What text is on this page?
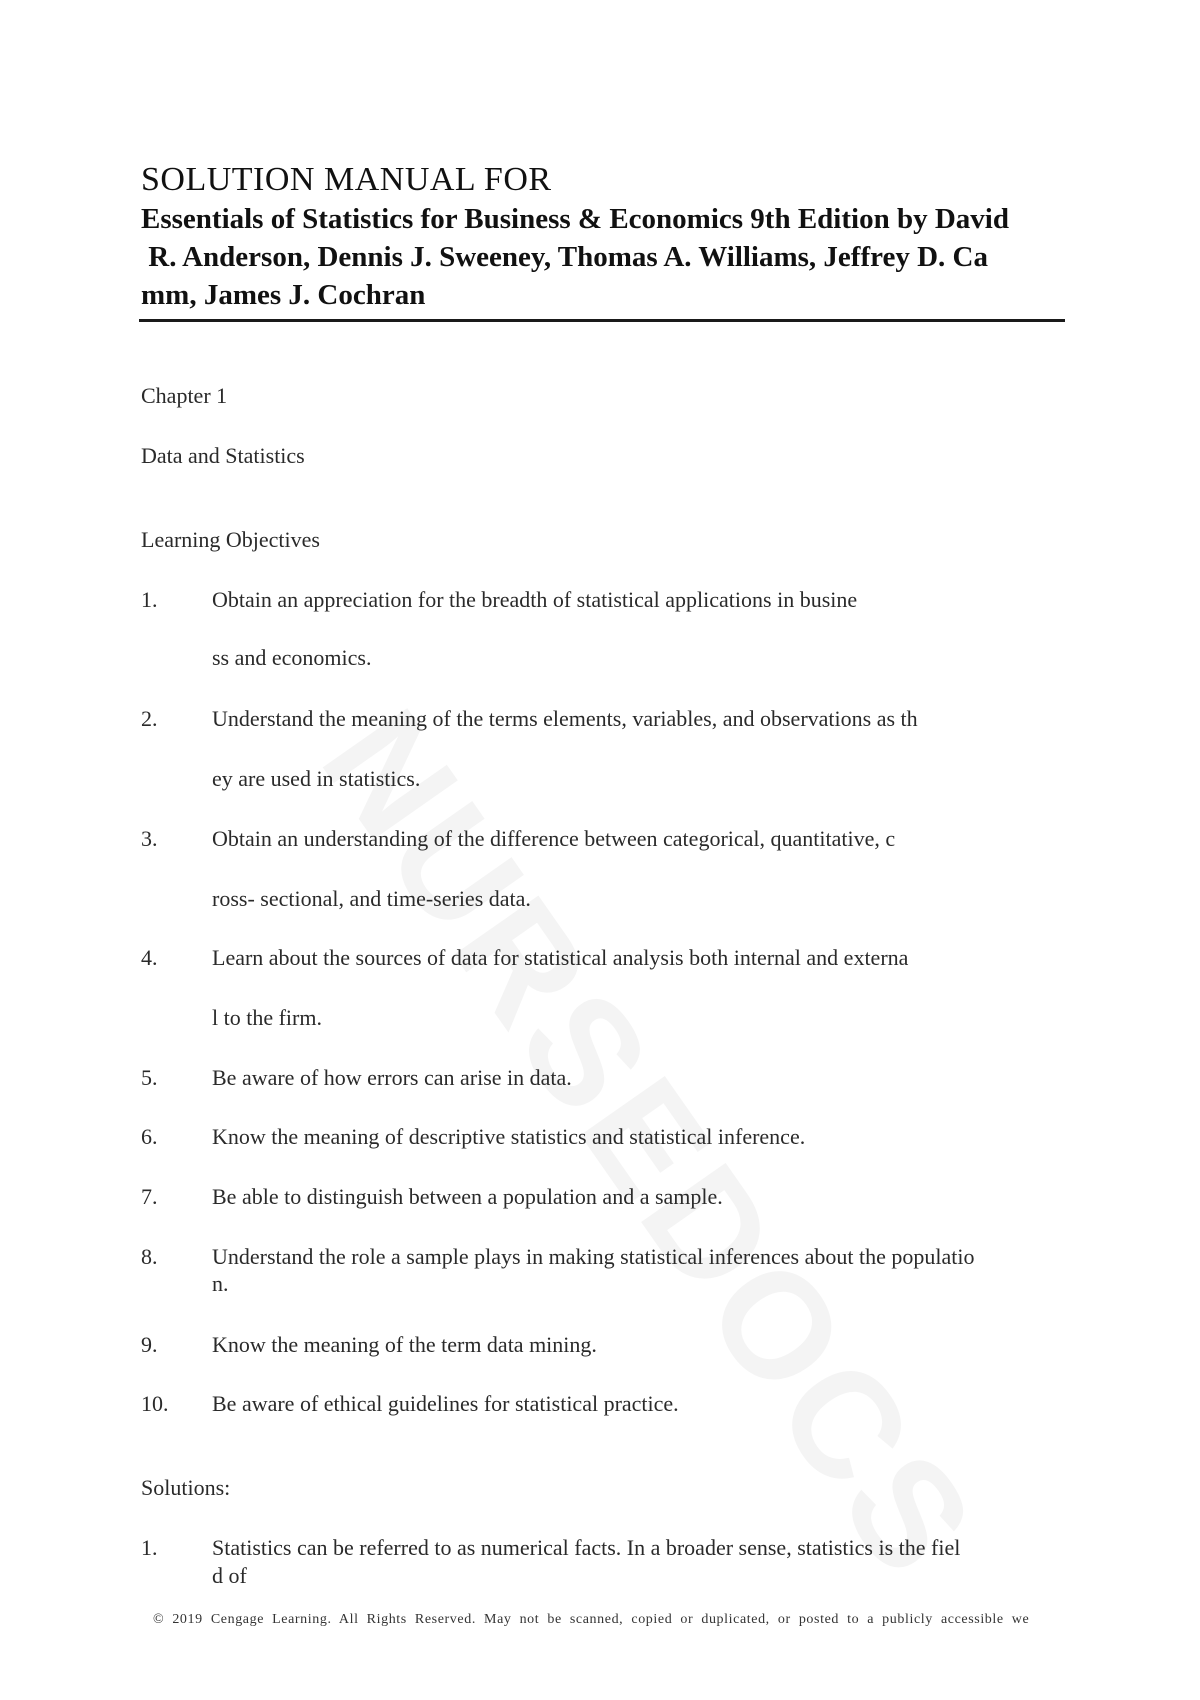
SOLUTION MANUAL FOR
Essentials of Statistics for Business & Economics 9th Edition by David
R. Anderson, Dennis J. Sweeney, Thomas A. Williams, Jeffrey D. Ca
mm, James J. Cochran
Chapter 1
Data and Statistics
Learning Objectives
1. Obtain an appreciation for the breadth of statistical applications in busine
ss and economics.
2. Understand the meaning of the terms elements, variables, and observations as th
ey are used in statistics.
3. Obtain an understanding of the difference between categorical, quantitative, c
ross- sectional, and time-series data.
4. Learn about the sources of data for statistical analysis both internal and externa
l to the firm.
5. Be aware of how errors can arise in data.
6. Know the meaning of descriptive statistics and statistical inference.
7. Be able to distinguish between a population and a sample.
8. Understand the role a sample plays in making statistical inferences about the populatio
n.
9. Know the meaning of the term data mining.
10. Be aware of ethical guidelines for statistical practice.
Solutions:
1. Statistics can be referred to as numerical facts. In a broader sense, statistics is the fiel
d of
© 2019 Cengage Learning. All Rights Reserved. May not be scanned, copied or duplicated, or posted to a publicly accessible we
